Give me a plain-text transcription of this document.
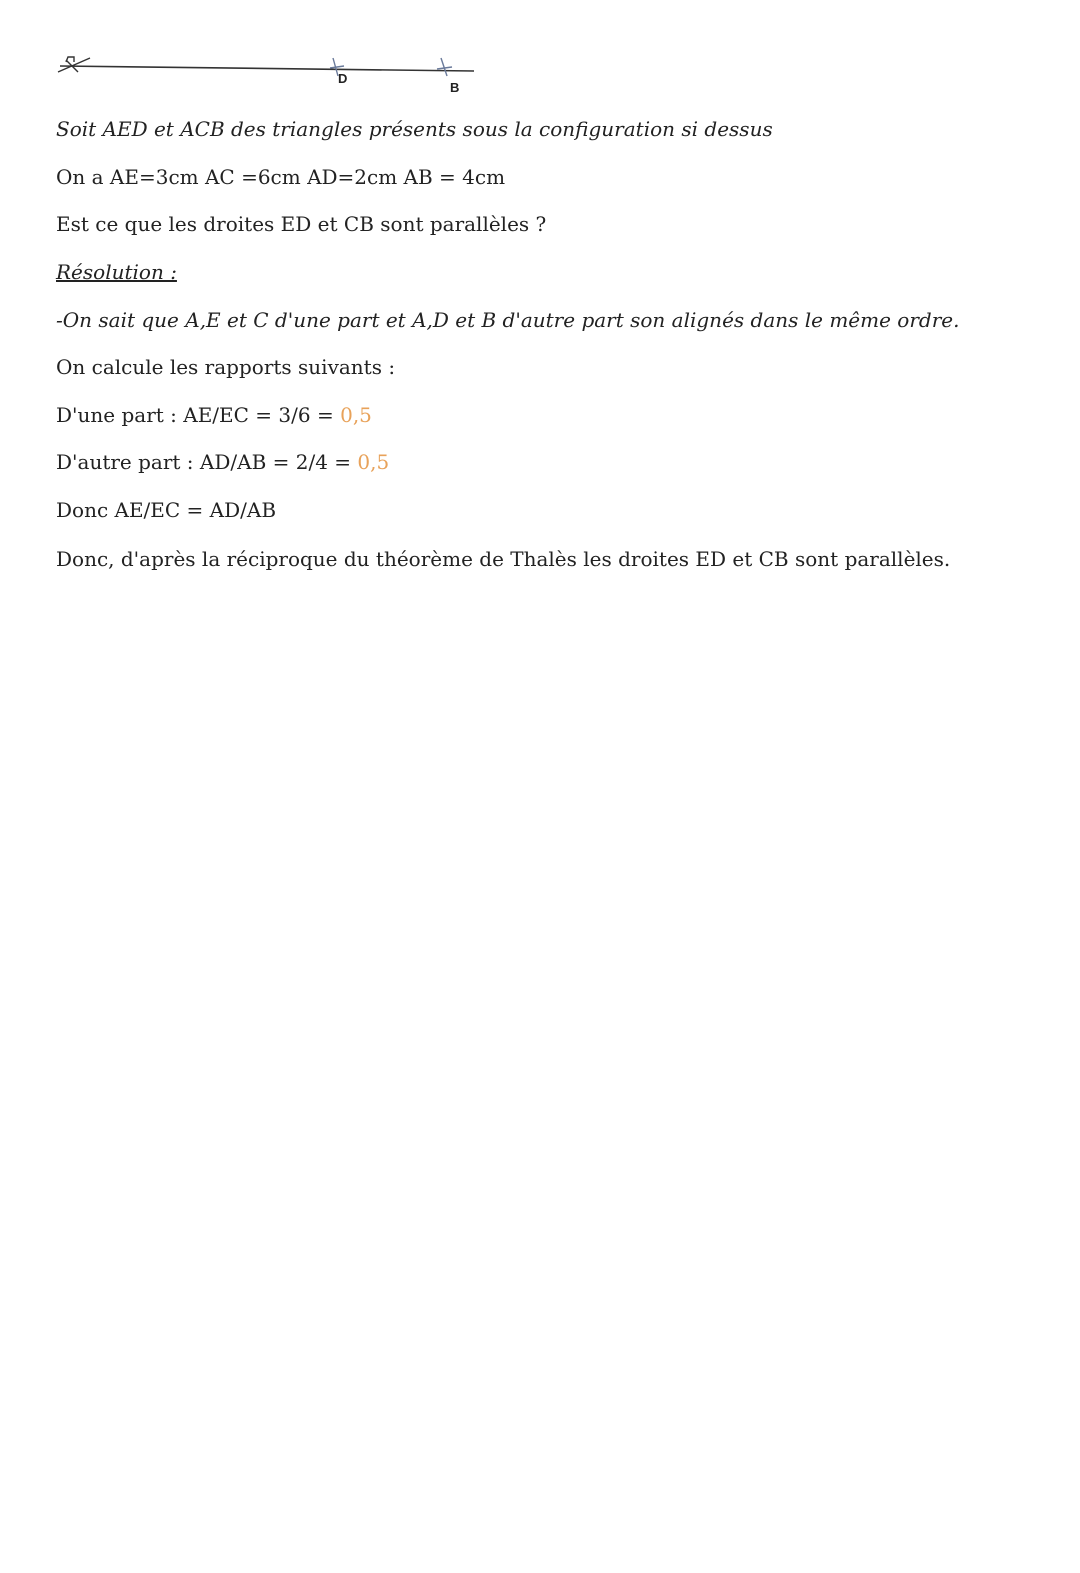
D
B
Soit AED et ACB des triangles présents sous la configuration si dessus
On a AE=3cm AC =6cm AD=2cm AB = 4cm
Est ce que les droites ED et CB sont parallèles ?
Résolution :
-On sait que A,E et C d'une part et A,D et B d'autre part son alignés dans le même ordre.
On calcule les rapports suivants :
D'une part : AE/EC = 3/6 = 0,5
D'autre part : AD/AB = 2/4 = 0,5
Donc AE/EC = AD/AB
Donc, d'après la réciproque du théorème de Thalès les droites ED et CB sont parallèles.
